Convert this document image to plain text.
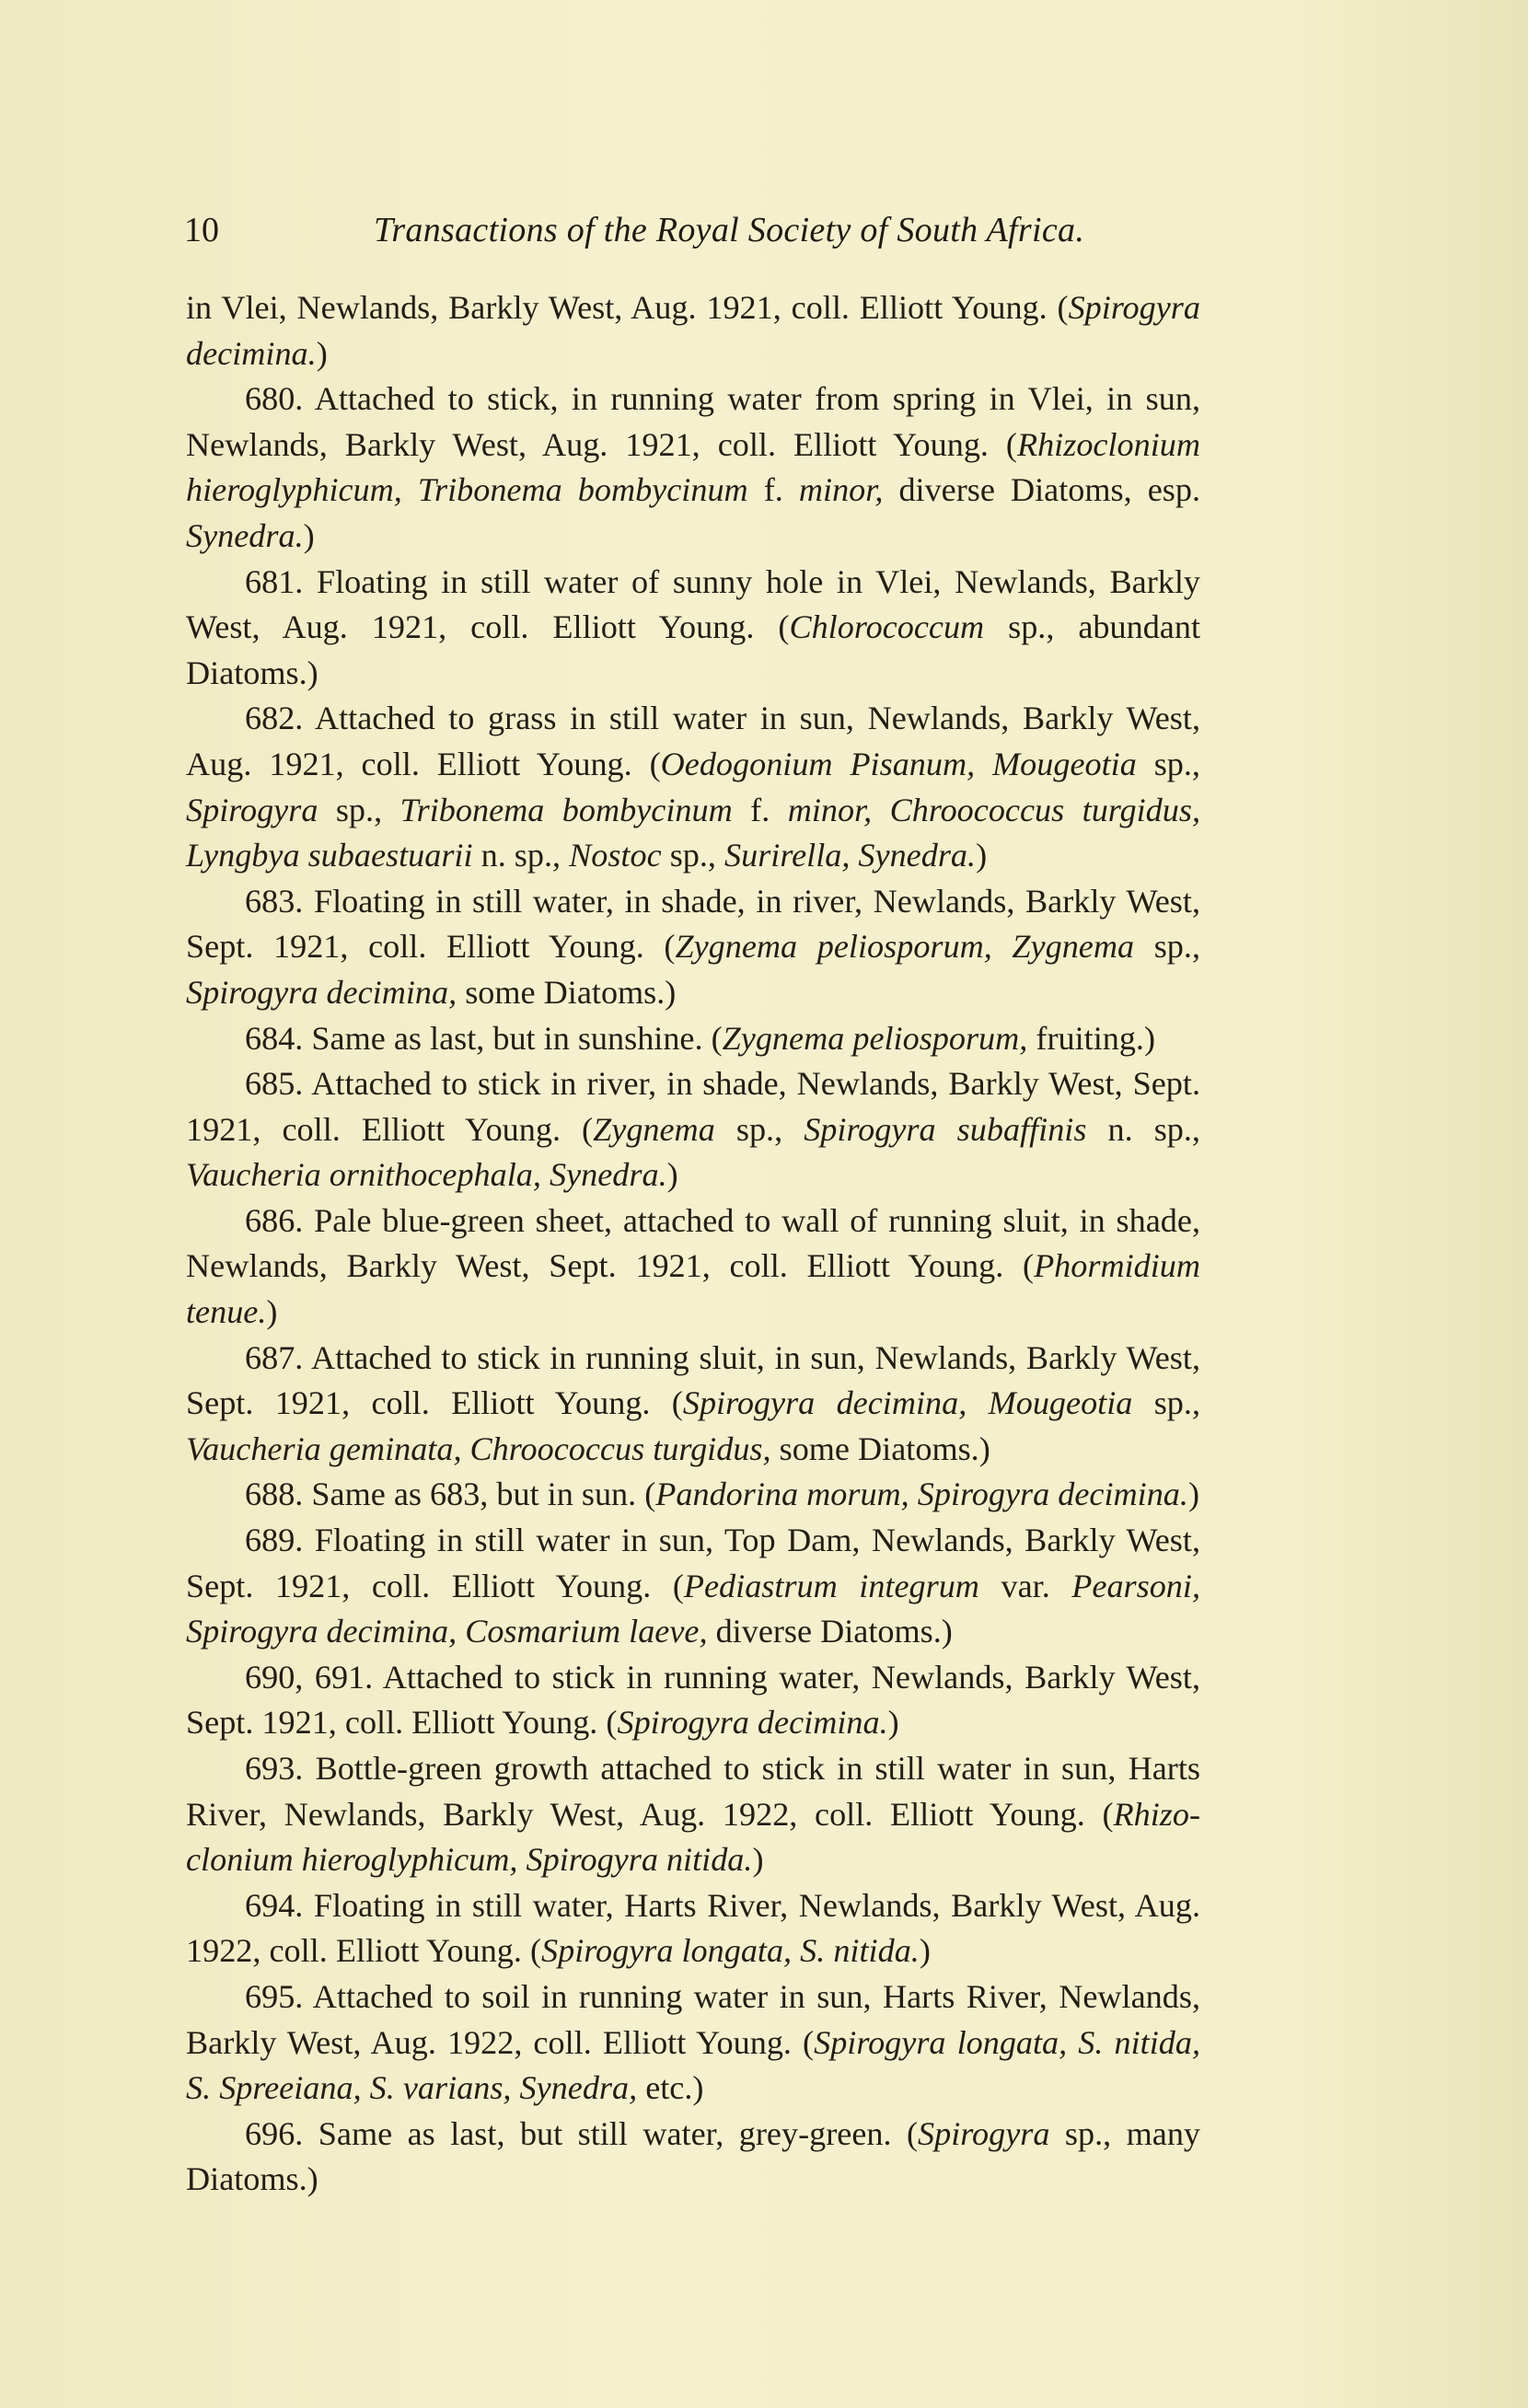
10	Transactions of the Royal Society of South Africa.

in Vlei, Newlands, Barkly West, Aug. 1921, coll. Elliott Young. (Spirogyra decimina.)

680. Attached to stick, in running water from spring in Vlei, in sun, Newlands, Barkly West, Aug. 1921, coll. Elliott Young. (Rhizoclonium hieroglyphicum, Tribonema bombycinum f. minor, diverse Diatoms, esp. Synedra.)

681. Floating in still water of sunny hole in Vlei, Newlands, Barkly West, Aug. 1921, coll. Elliott Young. (Chlorococcum sp., abundant Diatoms.)

682. Attached to grass in still water in sun, Newlands, Barkly West, Aug. 1921, coll. Elliott Young. (Oedogonium Pisanum, Mougeotia sp., Spirogyra sp., Tribonema bombycinum f. minor, Chroococcus turgidus, Lyngbya subaestuarii n. sp., Nostoc sp., Surirella, Synedra.)

683. Floating in still water, in shade, in river, Newlands, Barkly West, Sept. 1921, coll. Elliott Young. (Zygnema peliosporum, Zygnema sp., Spirogyra decimina, some Diatoms.)

684. Same as last, but in sunshine. (Zygnema peliosporum, fruiting.)

685. Attached to stick in river, in shade, Newlands, Barkly West, Sept. 1921, coll. Elliott Young. (Zygnema sp., Spirogyra subaffinis n. sp., Vaucheria ornithocephala, Synedra.)

686. Pale blue-green sheet, attached to wall of running sluit, in shade, Newlands, Barkly West, Sept. 1921, coll. Elliott Young. (Phormidium tenue.)

687. Attached to stick in running sluit, in sun, Newlands, Barkly West, Sept. 1921, coll. Elliott Young. (Spirogyra decimina, Mougeotia sp., Vaucheria geminata, Chroococcus turgidus, some Diatoms.)

688. Same as 683, but in sun. (Pandorina morum, Spirogyra decimina.)

689. Floating in still water in sun, Top Dam, Newlands, Barkly West, Sept. 1921, coll. Elliott Young. (Pediastrum integrum var. Pearsoni, Spirogyra decimina, Cosmarium laeve, diverse Diatoms.)

690, 691. Attached to stick in running water, Newlands, Barkly West, Sept. 1921, coll. Elliott Young. (Spirogyra decimina.)

693. Bottle-green growth attached to stick in still water in sun, Harts River, Newlands, Barkly West, Aug. 1922, coll. Elliott Young. (Rhizo-clonium hieroglyphicum, Spirogyra nitida.)

694. Floating in still water, Harts River, Newlands, Barkly West, Aug. 1922, coll. Elliott Young. (Spirogyra longata, S. nitida.)

695. Attached to soil in running water in sun, Harts River, Newlands, Barkly West, Aug. 1922, coll. Elliott Young. (Spirogyra longata, S. nitida, S. Spreeiana, S. varians, Synedra, etc.)

696. Same as last, but still water, grey-green. (Spirogyra sp., many Diatoms.)
